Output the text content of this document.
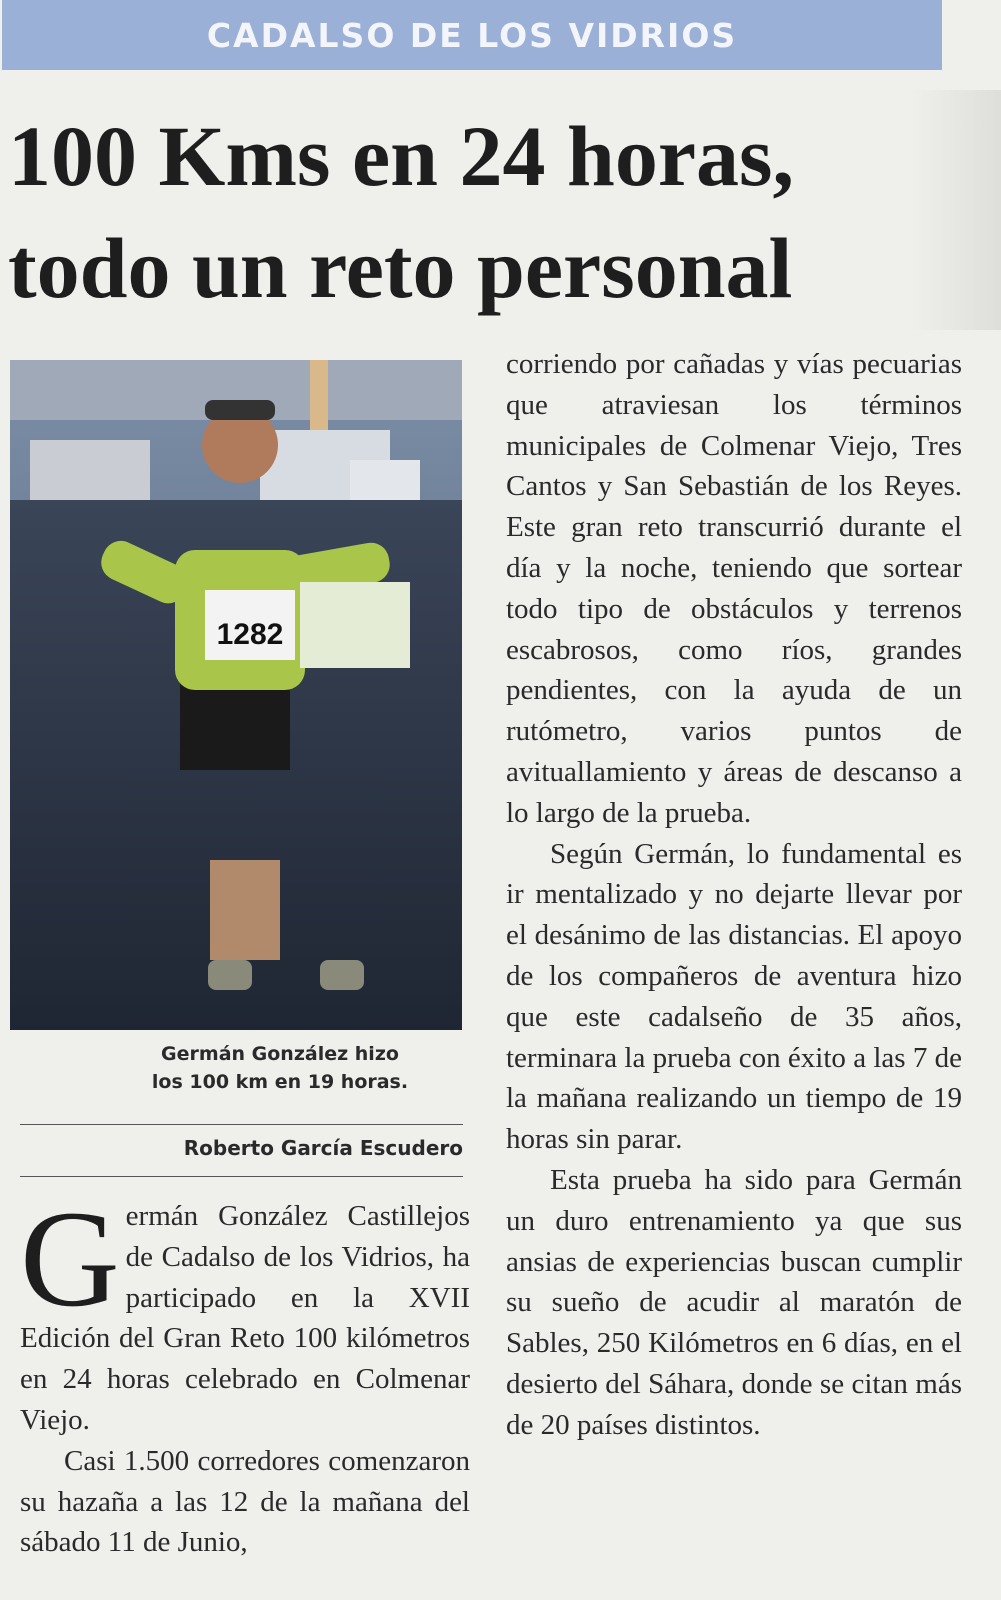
CADALSO DE LOS VIDRIOS
100 Kms en 24 horas,
todo un reto personal
1282

Germán González hizo
los 100 km en 19 horas.

Roberto García Escudero

Germán González Castillejos de Cadalso de los Vidrios, ha participado en la XVII Edición del Gran Reto 100 kilómetros en 24 horas celebrado en Colmenar Viejo.

Casi 1.500 corredores comenzaron su hazaña a las 12 de la mañana del sábado 11 de Junio,

corriendo por cañadas y vías pecuarias que atraviesan los términos municipales de Colmenar Viejo, Tres Cantos y San Sebastián de los Reyes. Este gran reto transcurrió durante el día y la noche, teniendo que sortear todo tipo de obstáculos y terrenos escabrosos, como ríos, grandes pendientes, con la ayuda de un rutómetro, varios puntos de avituallamiento y áreas de descanso a lo largo de la prueba.

Según Germán, lo fundamental es ir mentalizado y no dejarte llevar por el desánimo de las distancias. El apoyo de los compañeros de aventura hizo que este cadalseño de 35 años, terminara la prueba con éxito a las 7 de la mañana realizando un tiempo de 19 horas sin parar.

Esta prueba ha sido para Germán un duro entrenamiento ya que sus ansias de experiencias buscan cumplir su sueño de acudir al maratón de Sables, 250 Kilómetros en 6 días, en el desierto del Sáhara, donde se citan más de 20 países distintos.
